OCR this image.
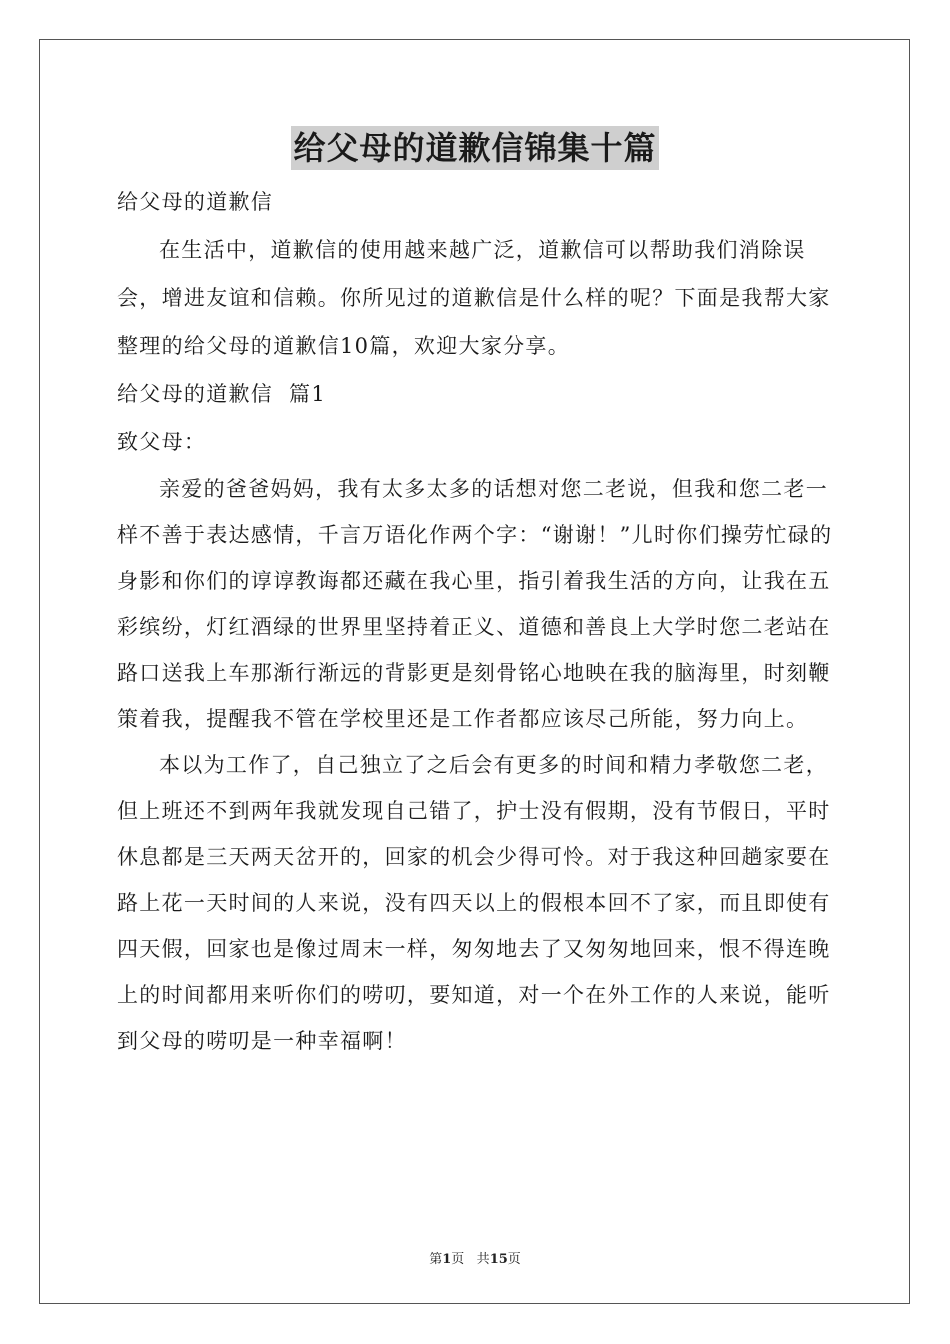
给父母的道歉信锦集十篇

给父母的道歉信

在生活中，道歉信的使用越来越广泛，道歉信可以帮助我们消除误会，增进友谊和信赖。你所见过的道歉信是什么样的呢？下面是我帮大家整理的给父母的道歉信10篇，欢迎大家分享。

给父母的道歉信  篇1

致父母：

亲爱的爸爸妈妈，我有太多太多的话想对您二老说，但我和您二老一样不善于表达感情，千言万语化作两个字：“谢谢！”儿时你们操劳忙碌的身影和你们的谆谆教诲都还藏在我心里，指引着我生活的方向，让我在五彩缤纷，灯红酒绿的世界里坚持着正义、道德和善良上大学时您二老站在路口送我上车那渐行渐远的背影更是刻骨铭心地映在我的脑海里，时刻鞭策着我，提醒我不管在学校里还是工作者都应该尽己所能，努力向上。

本以为工作了，自己独立了之后会有更多的时间和精力孝敬您二老，但上班还不到两年我就发现自己错了，护士没有假期，没有节假日，平时休息都是三天两天岔开的，回家的机会少得可怜。对于我这种回趟家要在路上花一天时间的人来说，没有四天以上的假根本回不了家，而且即使有四天假，回家也是像过周末一样，匆匆地去了又匆匆地回来，恨不得连晚上的时间都用来听你们的唠叨，要知道，对一个在外工作的人来说，能听到父母的唠叨是一种幸福啊！

第1页 共15页
